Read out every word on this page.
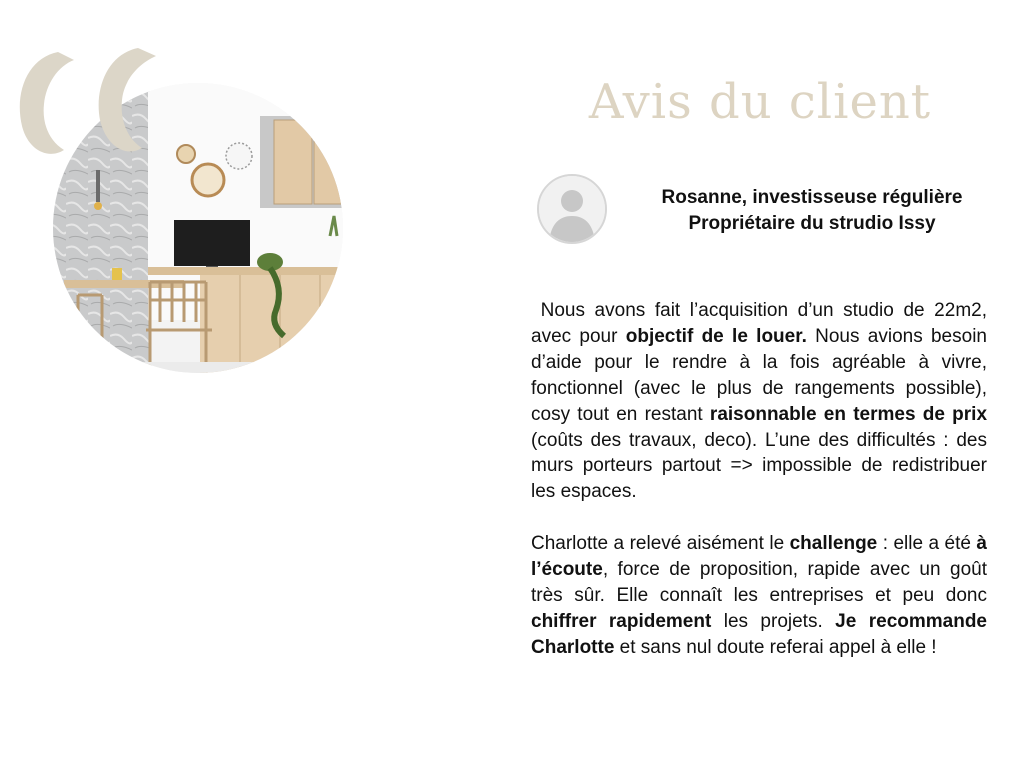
Avis du client
Rosanne, investisseuse régulière
Propriétaire du strudio Issy

Nous avons fait l’acquisition d’un studio de 22m2, avec pour objectif de le louer. Nous avions besoin d’aide pour le rendre à la fois agréable à vivre, fonctionnel (avec le plus de rangements possible), cosy tout en restant raisonnable en termes de prix (coûts des travaux, deco). L’une des difficultés : des murs porteurs partout => impossible de redistribuer les espaces.

Charlotte a relevé aisément le challenge : elle a été à l’écoute, force de proposition, rapide avec un goût très sûr. Elle connaît les entreprises et peu donc chiffrer rapidement les projets. Je recommande Charlotte et sans nul doute referai appel à elle !
